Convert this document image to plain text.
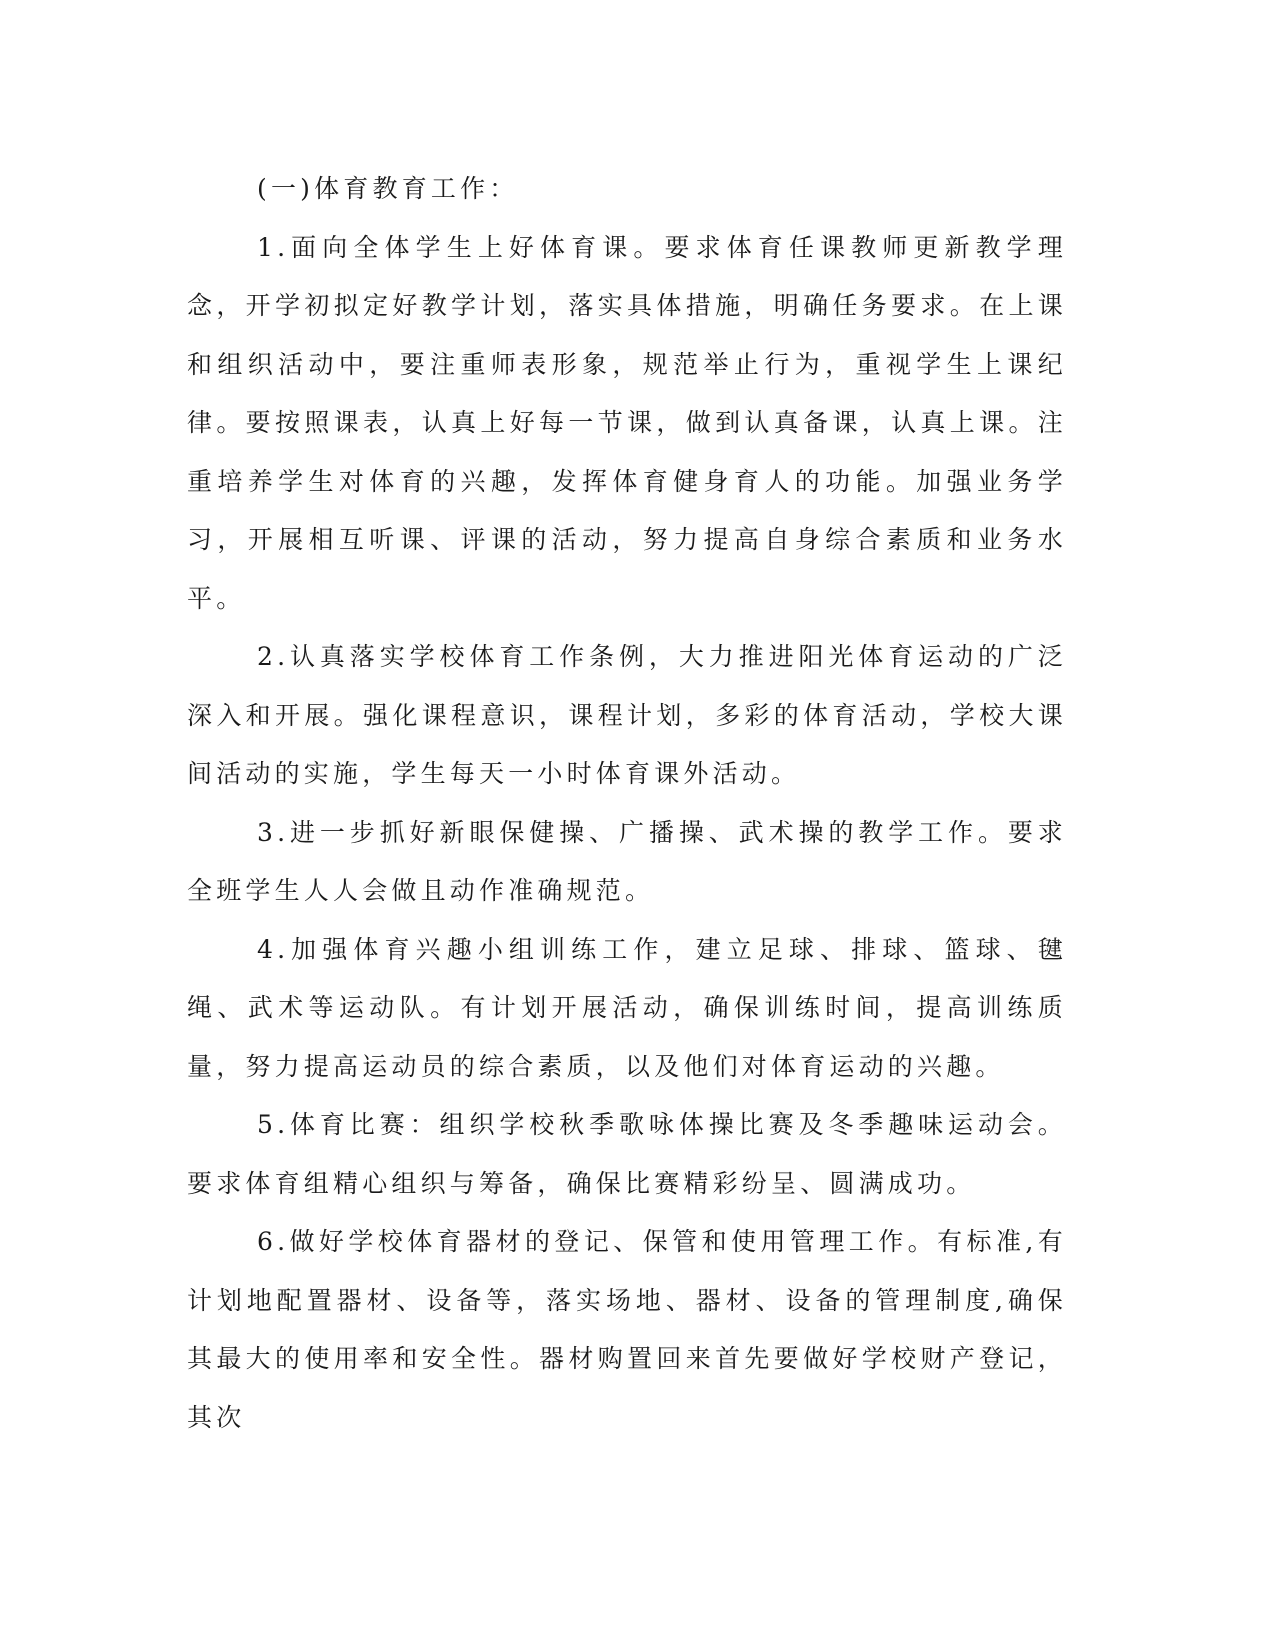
(一)体育教育工作：

1.面向全体学生上好体育课。要求体育任课教师更新教学理念，开学初拟定好教学计划，落实具体措施，明确任务要求。在上课和组织活动中，要注重师表形象，规范举止行为，重视学生上课纪律。要按照课表，认真上好每一节课，做到认真备课，认真上课。注重培养学生对体育的兴趣，发挥体育健身育人的功能。加强业务学习，开展相互听课、评课的活动，努力提高自身综合素质和业务水平。

2.认真落实学校体育工作条例，大力推进阳光体育运动的广泛深入和开展。强化课程意识，课程计划，多彩的体育活动，学校大课间活动的实施，学生每天一小时体育课外活动。

3.进一步抓好新眼保健操、广播操、武术操的教学工作。要求全班学生人人会做且动作准确规范。

4.加强体育兴趣小组训练工作，建立足球、排球、篮球、毽绳、武术等运动队。有计划开展活动，确保训练时间，提高训练质量，努力提高运动员的综合素质，以及他们对体育运动的兴趣。

5.体育比赛：组织学校秋季歌咏体操比赛及冬季趣味运动会。要求体育组精心组织与筹备，确保比赛精彩纷呈、圆满成功。

6.做好学校体育器材的登记、保管和使用管理工作。有标准,有计划地配置器材、设备等，落实场地、器材、设备的管理制度,确保其最大的使用率和安全性。器材购置回来首先要做好学校财产登记，其次
